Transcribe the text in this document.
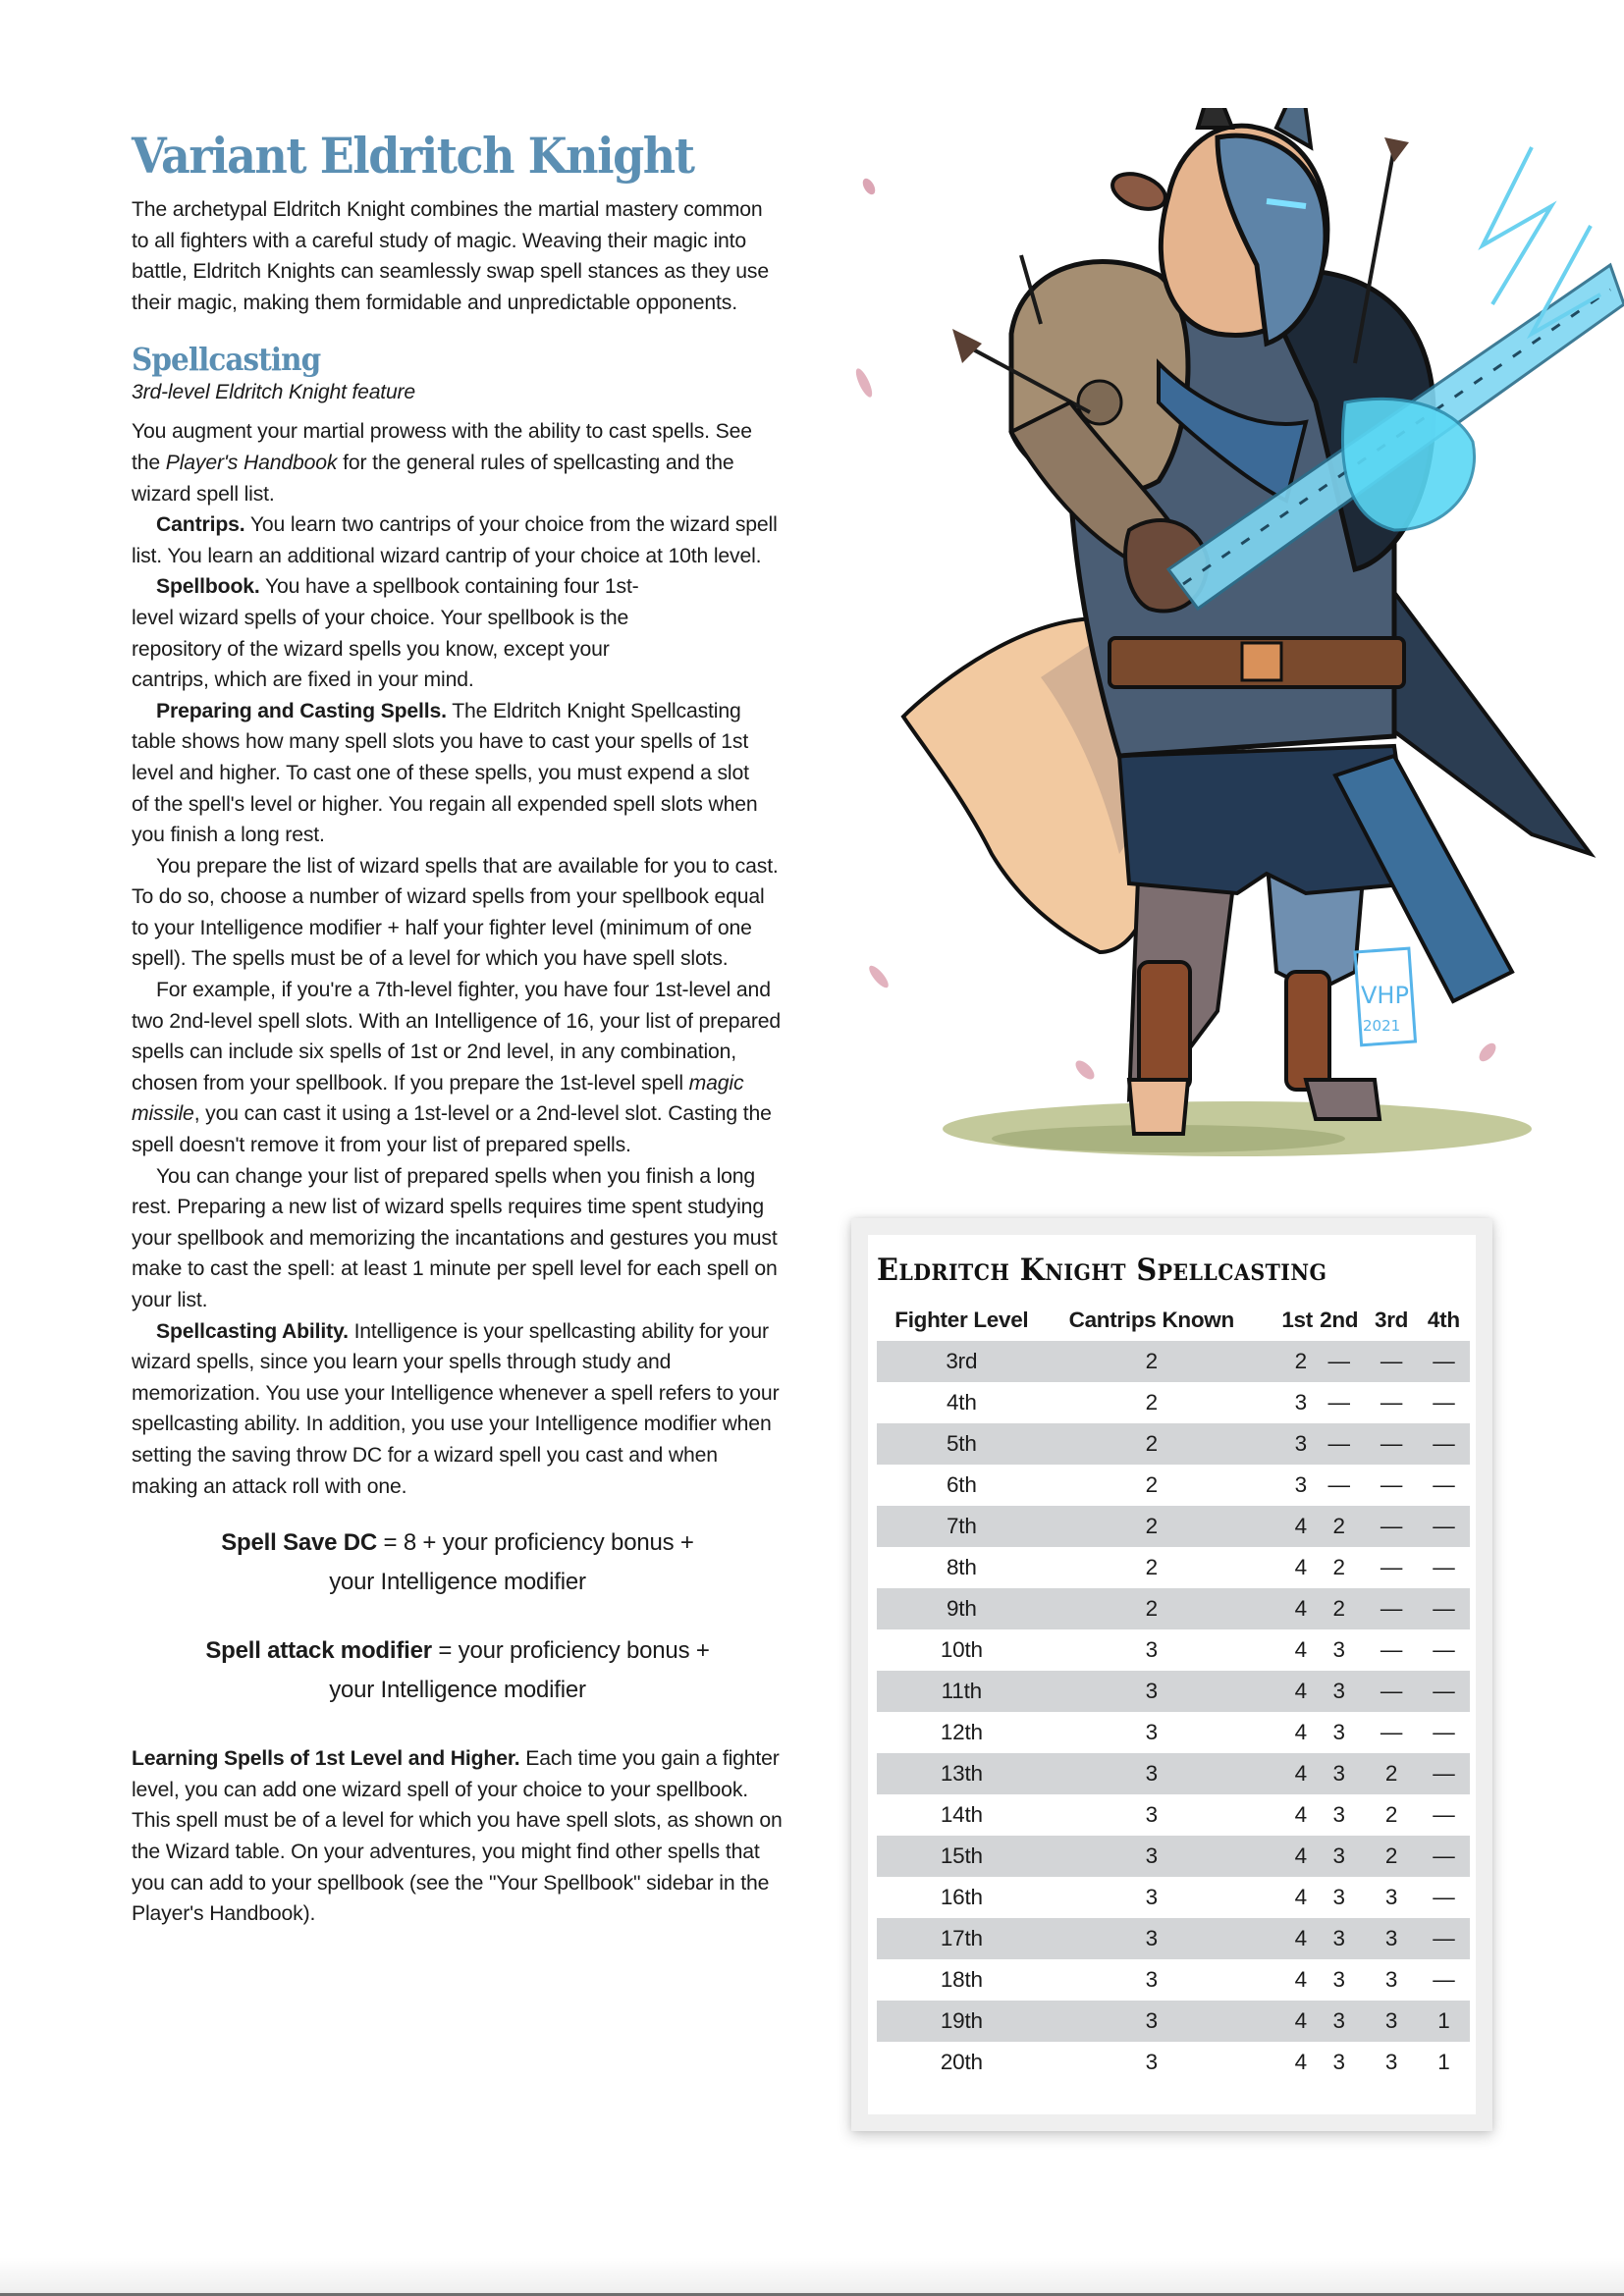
Variant Eldritch Knight

The archetypal Eldritch Knight combines the martial mastery common to all fighters with a careful study of magic. Weaving their magic into battle, Eldritch Knights can seamlessly swap spell stances as they use their magic, making them formidable and unpredictable opponents.

Spellcasting

3rd-level Eldritch Knight feature

You augment your martial prowess with the ability to cast spells. See the Player's Handbook for the general rules of spellcasting and the wizard spell list.

Cantrips. You learn two cantrips of your choice from the wizard spell list. You learn an additional wizard cantrip of your choice at 10th level.

Spellbook. You have a spellbook containing four 1st-level wizard spells of your choice. Your spellbook is the repository of the wizard spells you know, except your cantrips, which are fixed in your mind.

Preparing and Casting Spells. The Eldritch Knight Spellcasting table shows how many spell slots you have to cast your spells of 1st level and higher. To cast one of these spells, you must expend a slot of the spell's level or higher. You regain all expended spell slots when you finish a long rest.

You prepare the list of wizard spells that are available for you to cast. To do so, choose a number of wizard spells from your spellbook equal to your Intelligence modifier + half your fighter level (minimum of one spell). The spells must be of a level for which you have spell slots.

For example, if you're a 7th-level fighter, you have four 1st-level and two 2nd-level spell slots. With an Intelligence of 16, your list of prepared spells can include six spells of 1st or 2nd level, in any combination, chosen from your spellbook. If you prepare the 1st-level spell magic missile, you can cast it using a 1st-level or a 2nd-level slot. Casting the spell doesn't remove it from your list of prepared spells.

You can change your list of prepared spells when you finish a long rest. Preparing a new list of wizard spells requires time spent studying your spellbook and memorizing the incantations and gestures you must make to cast the spell: at least 1 minute per spell level for each spell on your list.

Spellcasting Ability. Intelligence is your spellcasting ability for your wizard spells, since you learn your spells through study and memorization. You use your Intelligence whenever a spell refers to your spellcasting ability. In addition, you use your Intelligence modifier when setting the saving throw DC for a wizard spell you cast and when making an attack roll with one.

Spell Save DC = 8 + your proficiency bonus +

your Intelligence modifier

Spell attack modifier = your proficiency bonus +

your Intelligence modifier

Learning Spells of 1st Level and Higher. Each time you gain a fighter level, you can add one wizard spell of your choice to your spellbook. This spell must be of a level for which you have spell slots, as shown on the Wizard table. On your adventures, you might find other spells that you can add to your spellbook (see the "Your Spellbook" sidebar in the Player's Handbook).

VHP
2021
Eldritch Knight Spellcasting
Fighter Level	Cantrips Known	1st	2nd	3rd	4th
3rd	2	2	—	—	—
4th	2	3	—	—	—
5th	2	3	—	—	—
6th	2	3	—	—	—
7th	2	4	2	—	—
8th	2	4	2	—	—
9th	2	4	2	—	—
10th	3	4	3	—	—
11th	3	4	3	—	—
12th	3	4	3	—	—
13th	3	4	3	2	—
14th	3	4	3	2	—
15th	3	4	3	2	—
16th	3	4	3	3	—
17th	3	4	3	3	—
18th	3	4	3	3	—
19th	3	4	3	3	1
20th	3	4	3	3	1
